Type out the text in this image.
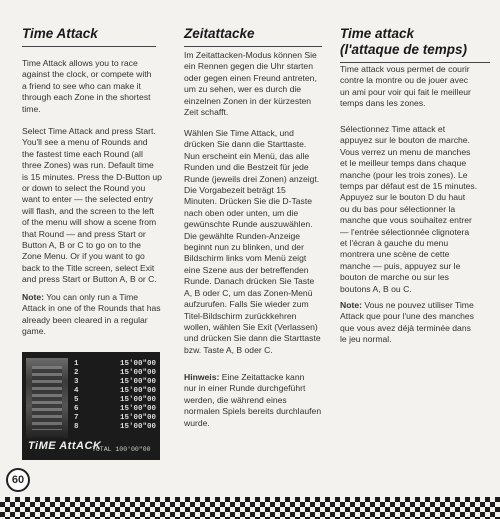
Time Attack

Time Attack allows you to race
against the clock, or compete with
a friend to see who can make it
through each Zone in the shortest
time.

Select Time Attack and press Start.
You'll see a menu of Rounds and
the fastest time each Round (all
three Zones) was run. Default time
is 15 minutes. Press the D-Button up
or down to select the Round you
want to enter — the selected entry
will flash, and the screen to the left
of the menu will show a scene from
that Round — and press Start or
Button A, B or C to go on to the
Zone Menu. Or if you want to go
back to the Title screen, select Exit
and press Start or Button A, B or C.

Note: You can only run a Time
Attack in one of the Rounds that has
already been cleared in a regular
game.

1	15'00"00
2	15'00"00
3	15'00"00
4	15'00"00
5	15'00"00
6	15'00"00
7	15'00"00
8	15'00"00
TiME AttACK
TOTAL 100'00"00
Zeitattacke

Im Zeitattacken-Modus können Sie
ein Rennen gegen die Uhr starten
oder gegen einen Freund antreten,
um zu sehen, wer es durch die
einzelnen Zonen in der kürzesten
Zeit schafft.

Wählen Sie Time Attack, und
drücken Sie dann die Starttaste.
Nun erscheint ein Menü, das alle
Runden und die Bestzeit für jede
Runde (jeweils drei Zonen) anzeigt.
Die Vorgabezeit beträgt 15
Minuten. Drücken Sie die D-Taste
nach oben oder unten, um die
gewünschte Runde auszuwählen.
Die gewählte Runden-Anzeige
beginnt nun zu blinken, und der
Bildschirm links vom Menü zeigt
eine Szene aus der betreffenden
Runde. Danach drücken Sie Taste
A, B oder C, um das Zonen-Menü
aufzurufen. Falls Sie wieder zum
Titel-Bildschirm zurückkehren
wollen, wählen Sie Exit (Verlassen)
und drücken Sie dann die Starttaste
bzw. Taste A, B oder C.

Hinweis: Eine Zeitattacke kann
nur in einer Runde durchgeführt
werden, die während eines
normalen Spiels bereits durchlaufen
wurde.

Time attack
(l'attaque de temps)

Time attack vous permet de courir
contre la montre ou de jouer avec
un ami pour voir qui fait le meilleur
temps dans les zones.

Sélectionnez Time attack et
appuyez sur le bouton de marche.
Vous verrez un menu de manches
et le meilleur temps dans chaque
manche (pour les trois zones). Le
temps par défaut est de 15 minutes.
Appuyez sur le bouton D du haut
ou du bas pour sélectionner la
manche que vous souhaitez entrer
— l'entrée sélectionnée clignotera
et l'écran à gauche du menu
montrera une scène de cette
manche — puis, appuyez sur le
bouton de marche ou sur les
boutons A, B ou C.

Note: Vous ne pouvez utiliser Time
Attack que pour l'une des manches
que vous avez déjà terminée dans
le jeu normal.

60
